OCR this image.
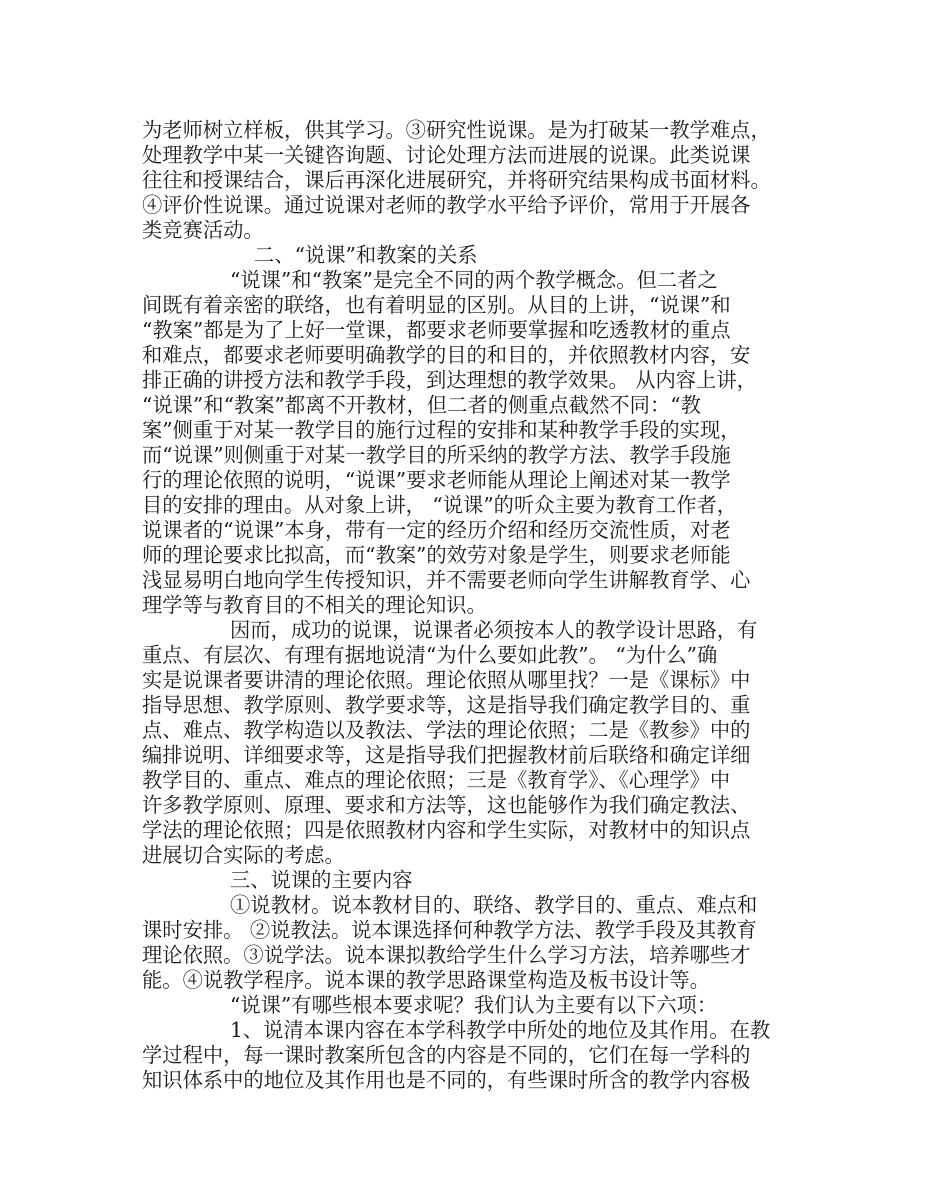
为老师树立样板，供其学习。③研究性说课。是为打破某一教学难点，
处理教学中某一关键咨询题、讨论处理方法而进展的说课。此类说课
往往和授课结合，课后再深化进展研究，并将研究结果构成书面材料。
④评价性说课。通过说课对老师的教学水平给予评价，常用于开展各
类竞赛活动。
二、“说课”和教案的关系
“说课”和“教案”是完全不同的两个教学概念。但二者之
间既有着亲密的联络，也有着明显的区别。从目的上讲，“说课”和
“教案”都是为了上好一堂课，都要求老师要掌握和吃透教材的重点
和难点，都要求老师要明确教学的目的和目的，并依照教材内容，安
排正确的讲授方法和教学手段，到达理想的教学效果。 从内容上讲，
“说课”和“教案”都离不开教材，但二者的侧重点截然不同：“教
案”侧重于对某一教学目的施行过程的安排和某种教学手段的实现，
而“说课”则侧重于对某一教学目的所采纳的教学方法、教学手段施
行的理论依照的说明，“说课”要求老师能从理论上阐述对某一教学
目的安排的理由。从对象上讲， “说课”的听众主要为教育工作者，
说课者的“说课”本身，带有一定的经历介绍和经历交流性质，对老
师的理论要求比拟高，而“教案”的效劳对象是学生，则要求老师能
浅显易明白地向学生传授知识，并不需要老师向学生讲解教育学、心
理学等与教育目的不相关的理论知识。
因而，成功的说课，说课者必须按本人的教学设计思路，有
重点、有层次、有理有据地说清“为什么要如此教”。 “为什么”确
实是说课者要讲清的理论依照。理论依照从哪里找？一是《课标》中
指导思想、教学原则、教学要求等，这是指导我们确定教学目的、重
点、难点、教学构造以及教法、学法的理论依照；二是《教参》中的
编排说明、详细要求等，这是指导我们把握教材前后联络和确定详细
教学目的、重点、难点的理论依照；三是《教育学》、《心理学》中
许多教学原则、原理、要求和方法等，这也能够作为我们确定教法、
学法的理论依照；四是依照教材内容和学生实际，对教材中的知识点
进展切合实际的考虑。
三、说课的主要内容
①说教材。说本教材目的、联络、教学目的、重点、难点和
课时安排。 ②说教法。说本课选择何种教学方法、教学手段及其教育
理论依照。③说学法。说本课拟教给学生什么学习方法，培养哪些才
能。④说教学程序。说本课的教学思路课堂构造及板书设计等。
“说课”有哪些根本要求呢？我们认为主要有以下六项：
1、说清本课内容在本学科教学中所处的地位及其作用。在教
学过程中，每一课时教案所包含的内容是不同的，它们在每一学科的
知识体系中的地位及其作用也是不同的，有些课时所含的教学内容极
